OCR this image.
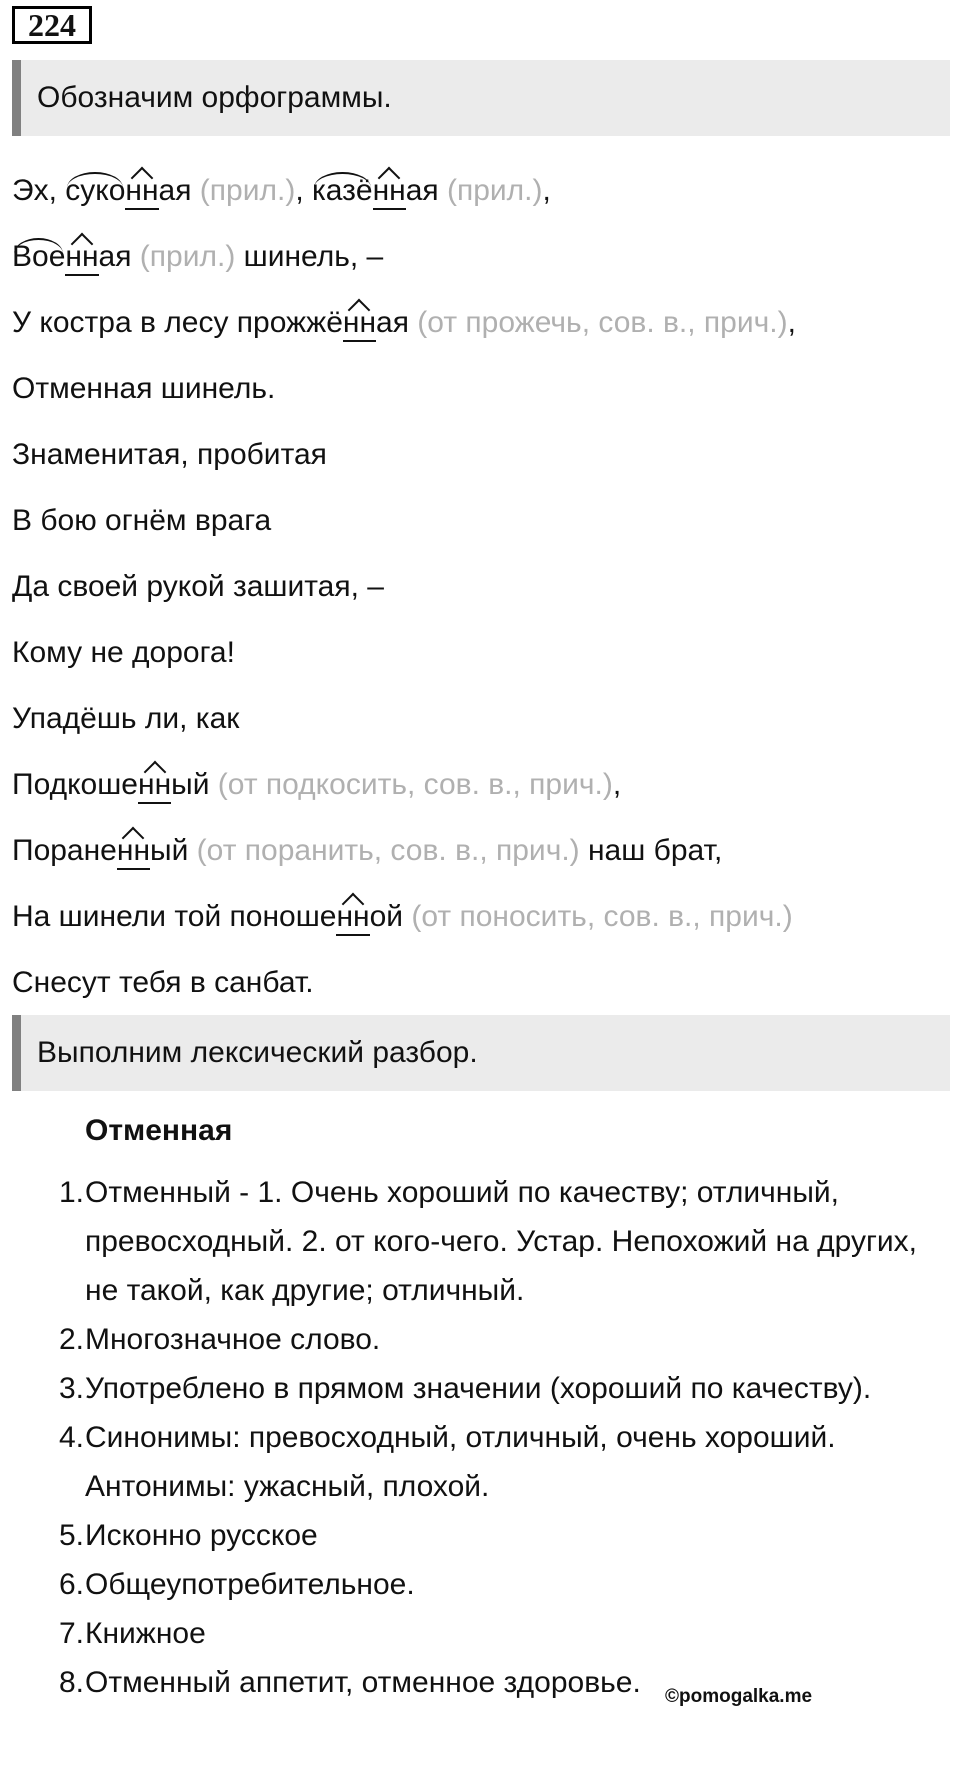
224
Обозначим орфограммы.
Эх, суконная (прил.), казённая (прил.),
Военная (прил.) шинель, –
У костра в лесу прожжённая (от прожечь, сов. в., прич.),
Отменная шинель.
Знаменитая, пробитая
В бою огнём врага
Да своей рукой зашитая, –
Кому не дорога!
Упадёшь ли, как
Подкошенный (от подкосить, сов. в., прич.),
Пораненный (от поранить, сов. в., прич.) наш брат,
На шинели той поношенной (от поносить, сов. в., прич.)
Снесут тебя в санбат.
Выполним лексический разбор.
Отменная
1. Отменный - 1. Очень хороший по качеству; отличный, превосходный. 2. от кого-чего. Устар. Непохожий на других, не такой, как другие; отличный.
2. Многозначное слово.
3. Употреблено в прямом значении (хороший по качеству).
4. Синонимы: превосходный, отличный, очень хороший. Антонимы: ужасный, плохой.
5. Исконно русское
6. Общеупотребительное.
7. Книжное
8. Отменный аппетит, отменное здоровье.	©pomogalka.me
